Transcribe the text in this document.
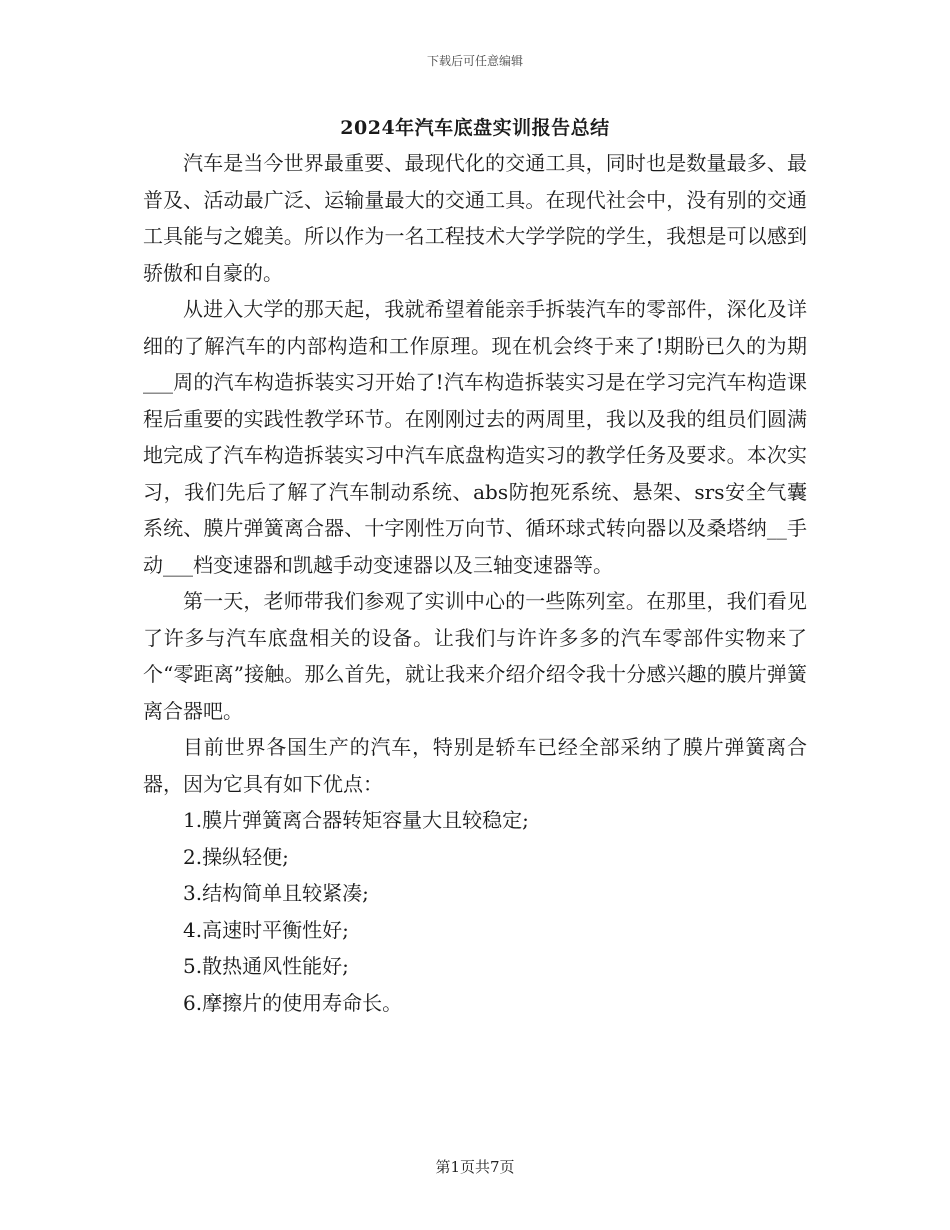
下载后可任意编辑
2024年汽车底盘实训报告总结

汽车是当今世界最重要、最现代化的交通工具，同时也是数量最多、最普及、活动最广泛、运输量最大的交通工具。在现代社会中，没有别的交通工具能与之媲美。所以作为一名工程技术大学学院的学生，我想是可以感到骄傲和自豪的。

从进入大学的那天起，我就希望着能亲手拆装汽车的零部件，深化及详细的了解汽车的内部构造和工作原理。现在机会终于来了!期盼已久的为期___周的汽车构造拆装实习开始了!汽车构造拆装实习是在学习完汽车构造课程后重要的实践性教学环节。在刚刚过去的两周里，我以及我的组员们圆满地完成了汽车构造拆装实习中汽车底盘构造实习的教学任务及要求。本次实习，我们先后了解了汽车制动系统、abs防抱死系统、悬架、srs安全气囊系统、膜片弹簧离合器、十字刚性万向节、循环球式转向器以及桑塔纳__手动___档变速器和凯越手动变速器以及三轴变速器等。

第一天，老师带我们参观了实训中心的一些陈列室。在那里，我们看见了许多与汽车底盘相关的设备。让我们与许许多多的汽车零部件实物来了个“零距离”接触。那么首先，就让我来介绍介绍令我十分感兴趣的膜片弹簧离合器吧。

目前世界各国生产的汽车，特别是轿车已经全部采纳了膜片弹簧离合器，因为它具有如下优点：

1.膜片弹簧离合器转矩容量大且较稳定;
2.操纵轻便;
3.结构简单且较紧凑;
4.高速时平衡性好;
5.散热通风性能好;
6.摩擦片的使用寿命长。
第1页共7页
